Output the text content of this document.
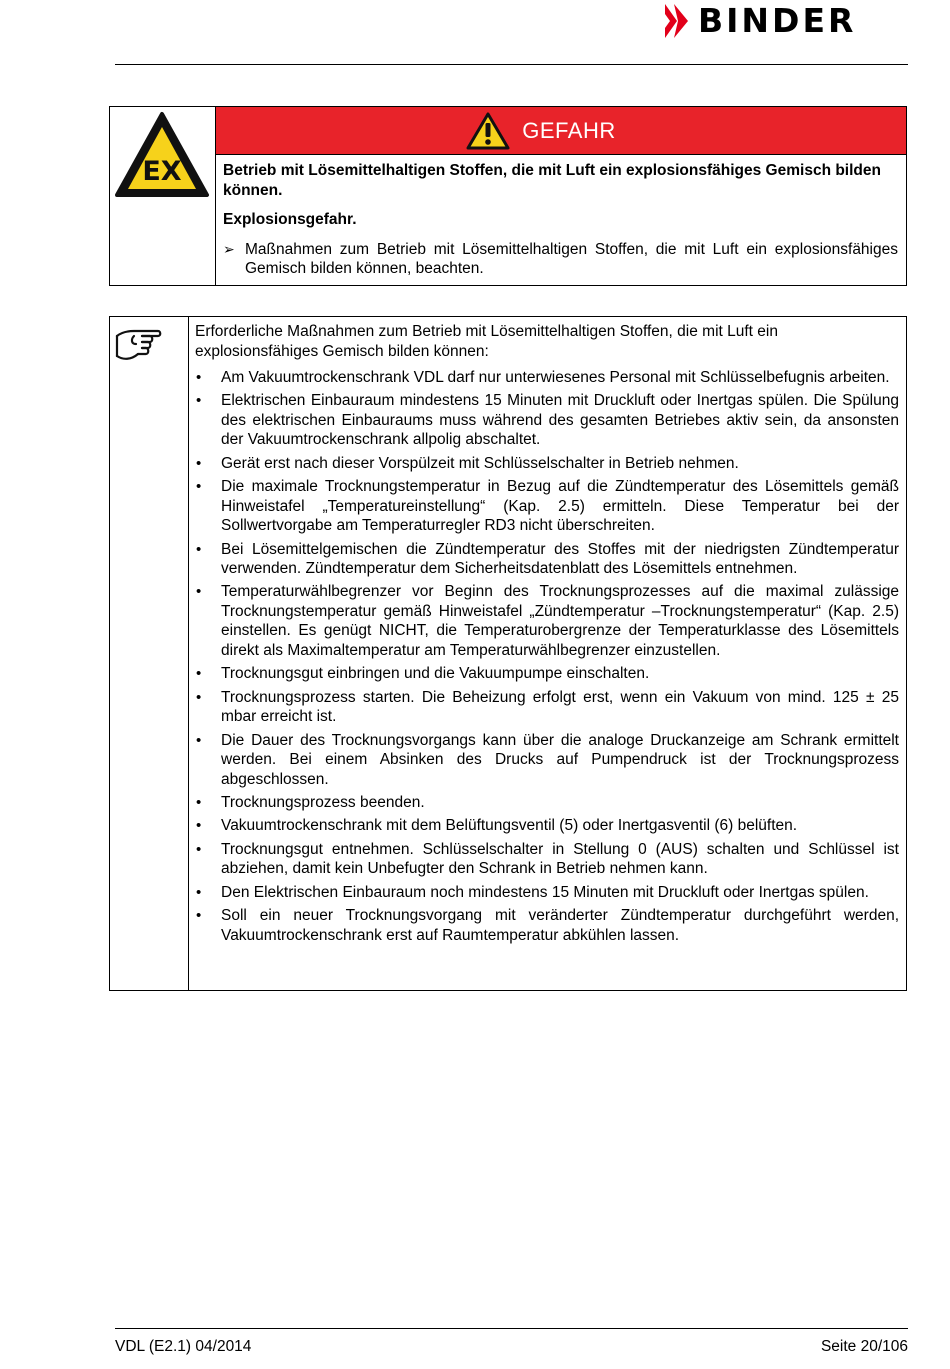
BINDER
EX
GEFAHR

Betrieb mit Lösemittelhaltigen Stoffen, die mit Luft ein explosionsfähiges Gemisch bilden können.

Explosionsgefahr.

➢ Maßnahmen zum Betrieb mit Lösemittelhaltigen Stoffen, die mit Luft ein explosionsfähiges Gemisch bilden können, beachten.

Erforderliche Maßnahmen zum Betrieb mit Lösemittelhaltigen Stoffen, die mit Luft ein explosionsfähiges Gemisch bilden können:

•	Am Vakuumtrockenschrank VDL darf nur unterwiesenes Personal mit Schlüsselbefugnis arbeiten.
•	Elektrischen Einbauraum mindestens 15 Minuten mit Druckluft oder Inertgas spülen. Die Spülung des elektrischen Einbauraums muss während des gesamten Betriebes aktiv sein, da ansonsten der Vakuumtrockenschrank allpolig abschaltet.
•	Gerät erst nach dieser Vorspülzeit mit Schlüsselschalter in Betrieb nehmen.
•	Die maximale Trocknungstemperatur in Bezug auf die Zündtemperatur des Lösemittels gemäß Hinweistafel „Temperatureinstellung“ (Kap. 2.5) ermitteln. Diese Temperatur bei der Sollwertvorgabe am Temperaturregler RD3 nicht überschreiten.
•	Bei Lösemittelgemischen die Zündtemperatur des Stoffes mit der niedrigsten Zündtemperatur verwenden. Zündtemperatur dem Sicherheitsdatenblatt des Lösemittels entnehmen.
•	Temperaturwählbegrenzer vor Beginn des Trocknungsprozesses auf die maximal zulässige Trocknungstemperatur gemäß Hinweistafel „Zündtemperatur –Trocknungstemperatur“ (Kap. 2.5) einstellen. Es genügt NICHT, die Temperaturobergrenze der Temperaturklasse des Lösemittels direkt als Maximaltemperatur am Temperaturwählbegrenzer einzustellen.
•	Trocknungsgut einbringen und die Vakuumpumpe einschalten.
•	Trocknungsprozess starten. Die Beheizung erfolgt erst, wenn ein Vakuum von mind. 125 ± 25 mbar erreicht ist.
•	Die Dauer des Trocknungsvorgangs kann über die analoge Druckanzeige am Schrank ermittelt werden. Bei einem Absinken des Drucks auf Pumpendruck ist der Trocknungsprozess abgeschlossen.
•	Trocknungsprozess beenden.
•	Vakuumtrockenschrank mit dem Belüftungsventil (5) oder Inertgasventil (6) belüften.
•	Trocknungsgut entnehmen. Schlüsselschalter in Stellung 0 (AUS) schalten und Schlüssel ist abziehen, damit kein Unbefugter den Schrank in Betrieb nehmen kann.
•	Den Elektrischen Einbauraum noch mindestens 15 Minuten mit Druckluft oder Inertgas spülen.
•	Soll ein neuer Trocknungsvorgang mit veränderter Zündtemperatur durchgeführt werden, Vakuumtrockenschrank erst auf Raumtemperatur abkühlen lassen.
VDL (E2.1) 04/2014	Seite 20/106
